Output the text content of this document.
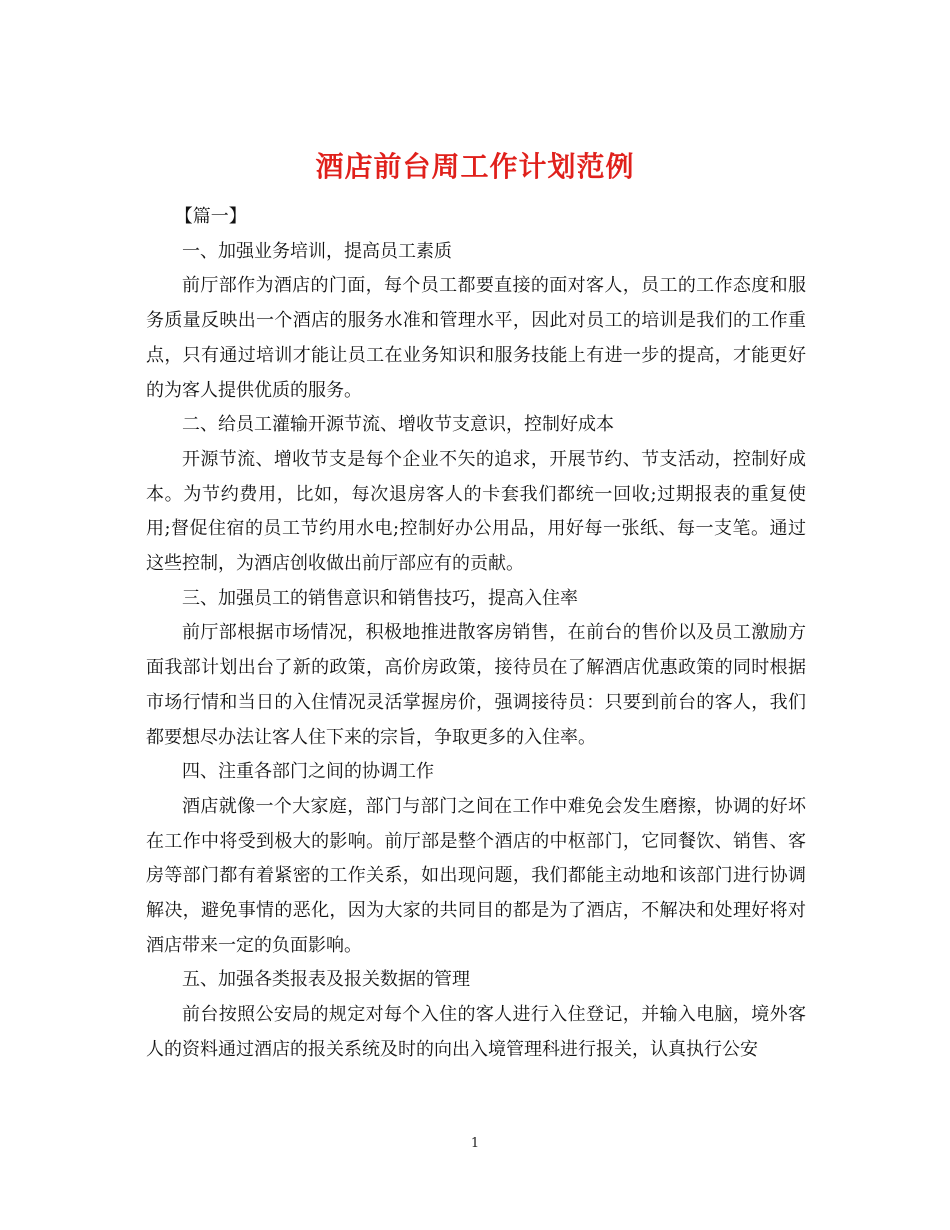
酒店前台周工作计划范例

【篇一】

一、加强业务培训，提高员工素质

前厅部作为酒店的门面，每个员工都要直接的面对客人，员工的工作态度和服务质量反映出一个酒店的服务水准和管理水平，因此对员工的培训是我们的工作重点，只有通过培训才能让员工在业务知识和服务技能上有进一步的提高，才能更好的为客人提供优质的服务。

二、给员工灌输开源节流、增收节支意识，控制好成本

开源节流、增收节支是每个企业不矢的追求，开展节约、节支活动，控制好成本。为节约费用，比如，每次退房客人的卡套我们都统一回收;过期报表的重复使用;督促住宿的员工节约用水电;控制好办公用品，用好每一张纸、每一支笔。通过这些控制，为酒店创收做出前厅部应有的贡献。

三、加强员工的销售意识和销售技巧，提高入住率

前厅部根据市场情况，积极地推进散客房销售，在前台的售价以及员工激励方面我部计划出台了新的政策，高价房政策，接待员在了解酒店优惠政策的同时根据市场行情和当日的入住情况灵活掌握房价，强调接待员：只要到前台的客人，我们都要想尽办法让客人住下来的宗旨，争取更多的入住率。

四、注重各部门之间的协调工作

酒店就像一个大家庭，部门与部门之间在工作中难免会发生磨擦，协调的好坏在工作中将受到极大的影响。前厅部是整个酒店的中枢部门，它同餐饮、销售、客房等部门都有着紧密的工作关系，如出现问题，我们都能主动地和该部门进行协调解决，避免事情的恶化，因为大家的共同目的都是为了酒店，不解决和处理好将对酒店带来一定的负面影响。

五、加强各类报表及报关数据的管理

前台按照公安局的规定对每个入住的客人进行入住登记，并输入电脑，境外客人的资料通过酒店的报关系统及时的向出入境管理科进行报关，认真执行公安

1
